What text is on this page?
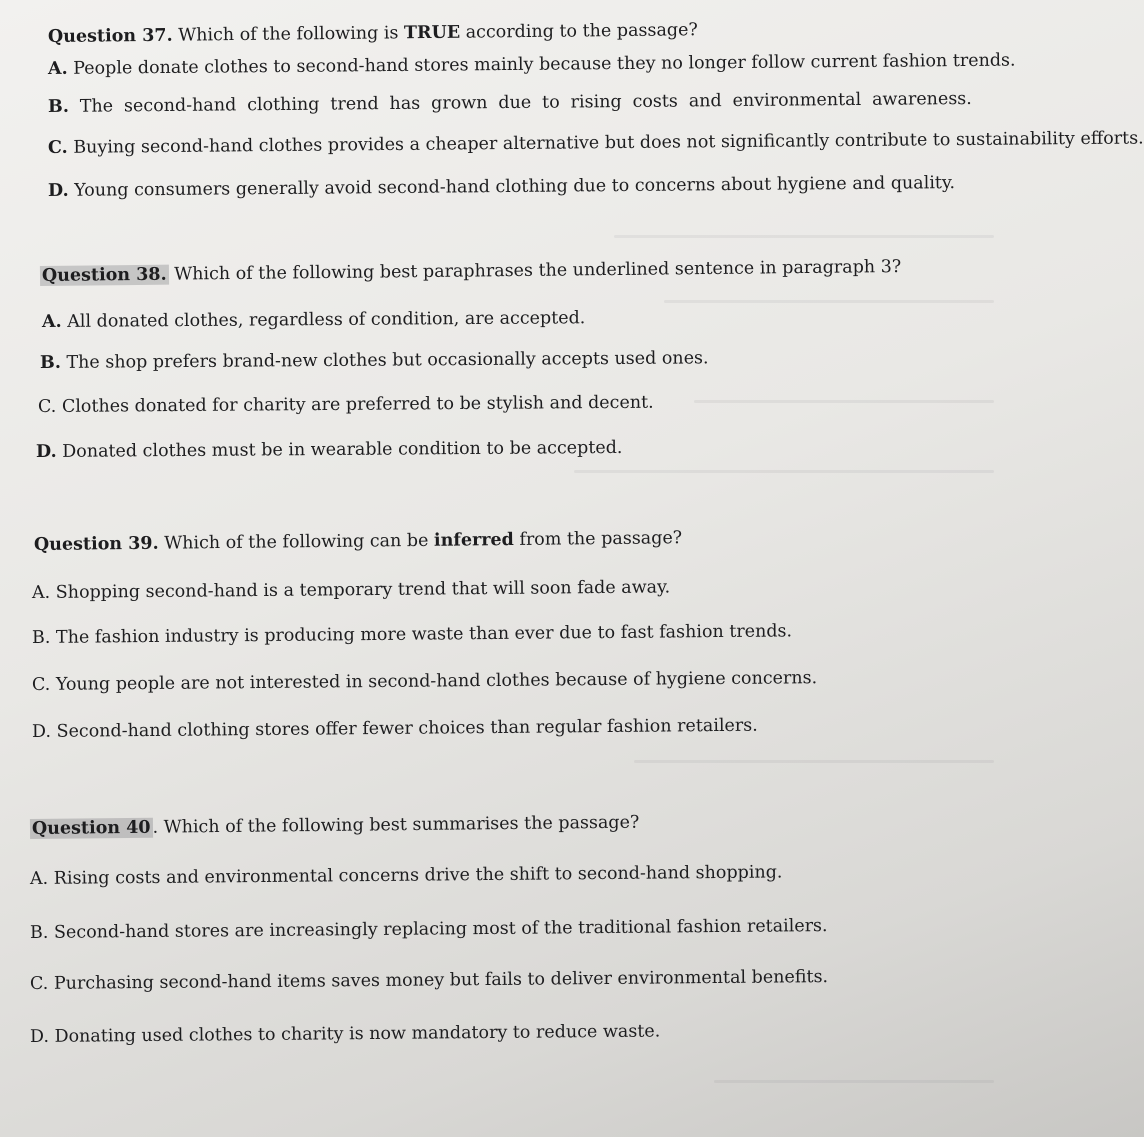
Question 37. Which of the following is TRUE according to the passage?
A. People donate clothes to second-hand stores mainly because they no longer follow current fashion trends.
B. The second-hand clothing trend has grown due to rising costs and environmental awareness.
C. Buying second-hand clothes provides a cheaper alternative but does not significantly contribute to sustainability efforts.
D. Young consumers generally avoid second-hand clothing due to concerns about hygiene and quality.
Question 38. Which of the following best paraphrases the underlined sentence in paragraph 3?
A. All donated clothes, regardless of condition, are accepted.
B. The shop prefers brand-new clothes but occasionally accepts used ones.
C. Clothes donated for charity are preferred to be stylish and decent.
D. Donated clothes must be in wearable condition to be accepted.
Question 39. Which of the following can be inferred from the passage?
A. Shopping second-hand is a temporary trend that will soon fade away.
B. The fashion industry is producing more waste than ever due to fast fashion trends.
C. Young people are not interested in second-hand clothes because of hygiene concerns.
D. Second-hand clothing stores offer fewer choices than regular fashion retailers.
Question 40 . Which of the following best summarises the passage?
A. Rising costs and environmental concerns drive the shift to second-hand shopping.
B. Second-hand stores are increasingly replacing most of the traditional fashion retailers.
C. Purchasing second-hand items saves money but fails to deliver environmental benefits.
D. Donating used clothes to charity is now mandatory to reduce waste.
